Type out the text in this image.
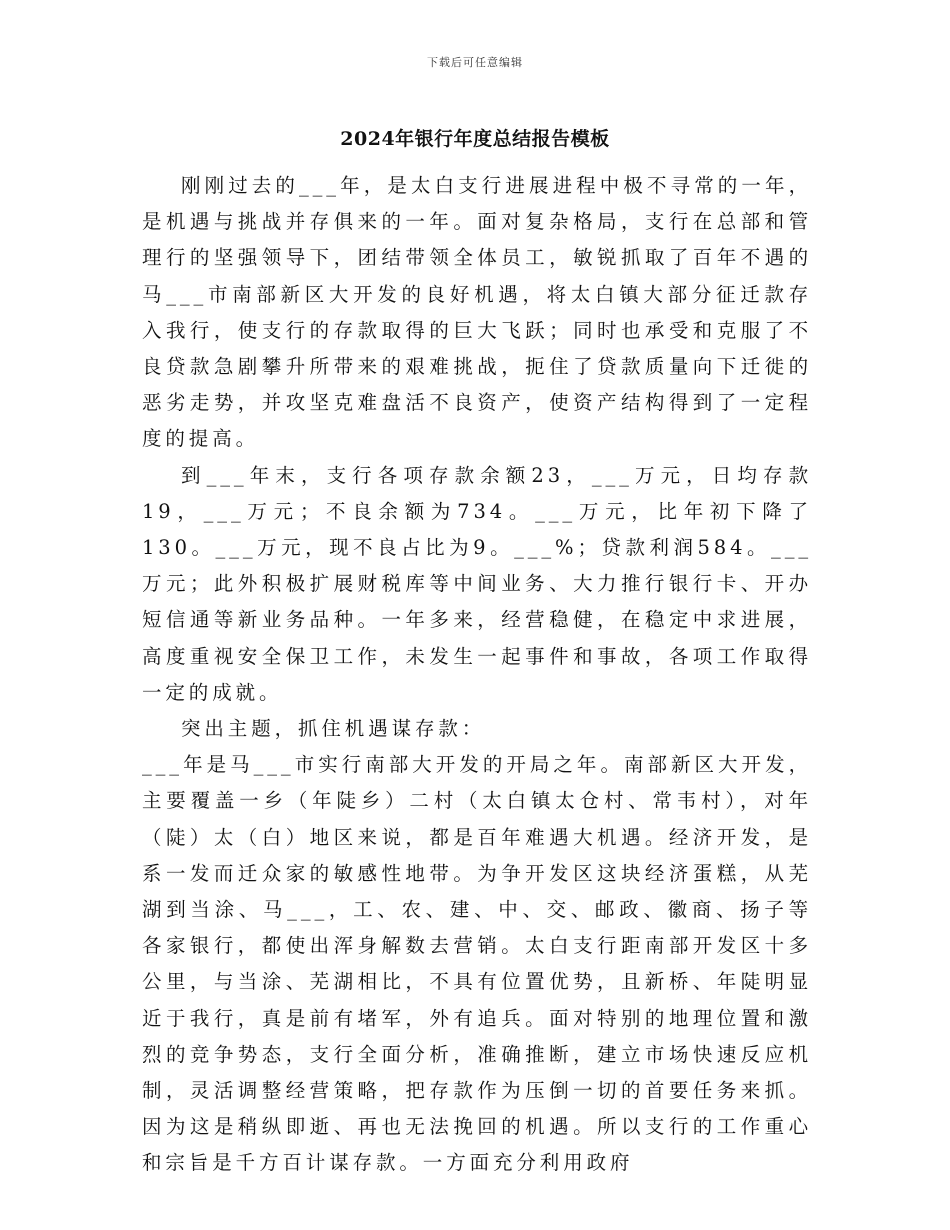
下载后可任意编辑
2024年银行年度总结报告模板

刚刚过去的___年，是太白支行进展进程中极不寻常的一年，是机遇与挑战并存俱来的一年。面对复杂格局，支行在总部和管理行的坚强领导下，团结带领全体员工，敏锐抓取了百年不遇的马___市南部新区大开发的良好机遇，将太白镇大部分征迁款存入我行，使支行的存款取得的巨大飞跃；同时也承受和克服了不良贷款急剧攀升所带来的艰难挑战，扼住了贷款质量向下迁徙的恶劣走势，并攻坚克难盘活不良资产，使资产结构得到了一定程度的提高。

到___年末，支行各项存款余额23，___万元，日均存款19，___万元；不良余额为734。___万元，比年初下降了130。___万元，现不良占比为9。___%；贷款利润584。___万元；此外积极扩展财税库等中间业务、大力推行银行卡、开办短信通等新业务品种。一年多来，经营稳健，在稳定中求进展，高度重视安全保卫工作，未发生一起事件和事故，各项工作取得一定的成就。

突出主题，抓住机遇谋存款：

___年是马___市实行南部大开发的开局之年。南部新区大开发，主要覆盖一乡（年陡乡）二村（太白镇太仓村、常韦村），对年（陡）太（白）地区来说，都是百年难遇大机遇。经济开发，是系一发而迁众家的敏感性地带。为争开发区这块经济蛋糕，从芜湖到当涂、马___，工、农、建、中、交、邮政、徽商、扬子等各家银行，都使出浑身解数去营销。太白支行距南部开发区十多公里，与当涂、芜湖相比，不具有位置优势，且新桥、年陡明显近于我行，真是前有堵军，外有追兵。面对特别的地理位置和激烈的竞争势态，支行全面分析，准确推断，建立市场快速反应机制，灵活调整经营策略，把存款作为压倒一切的首要任务来抓。因为这是稍纵即逝、再也无法挽回的机遇。所以支行的工作重心和宗旨是千方百计谋存款。一方面充分利用政府
